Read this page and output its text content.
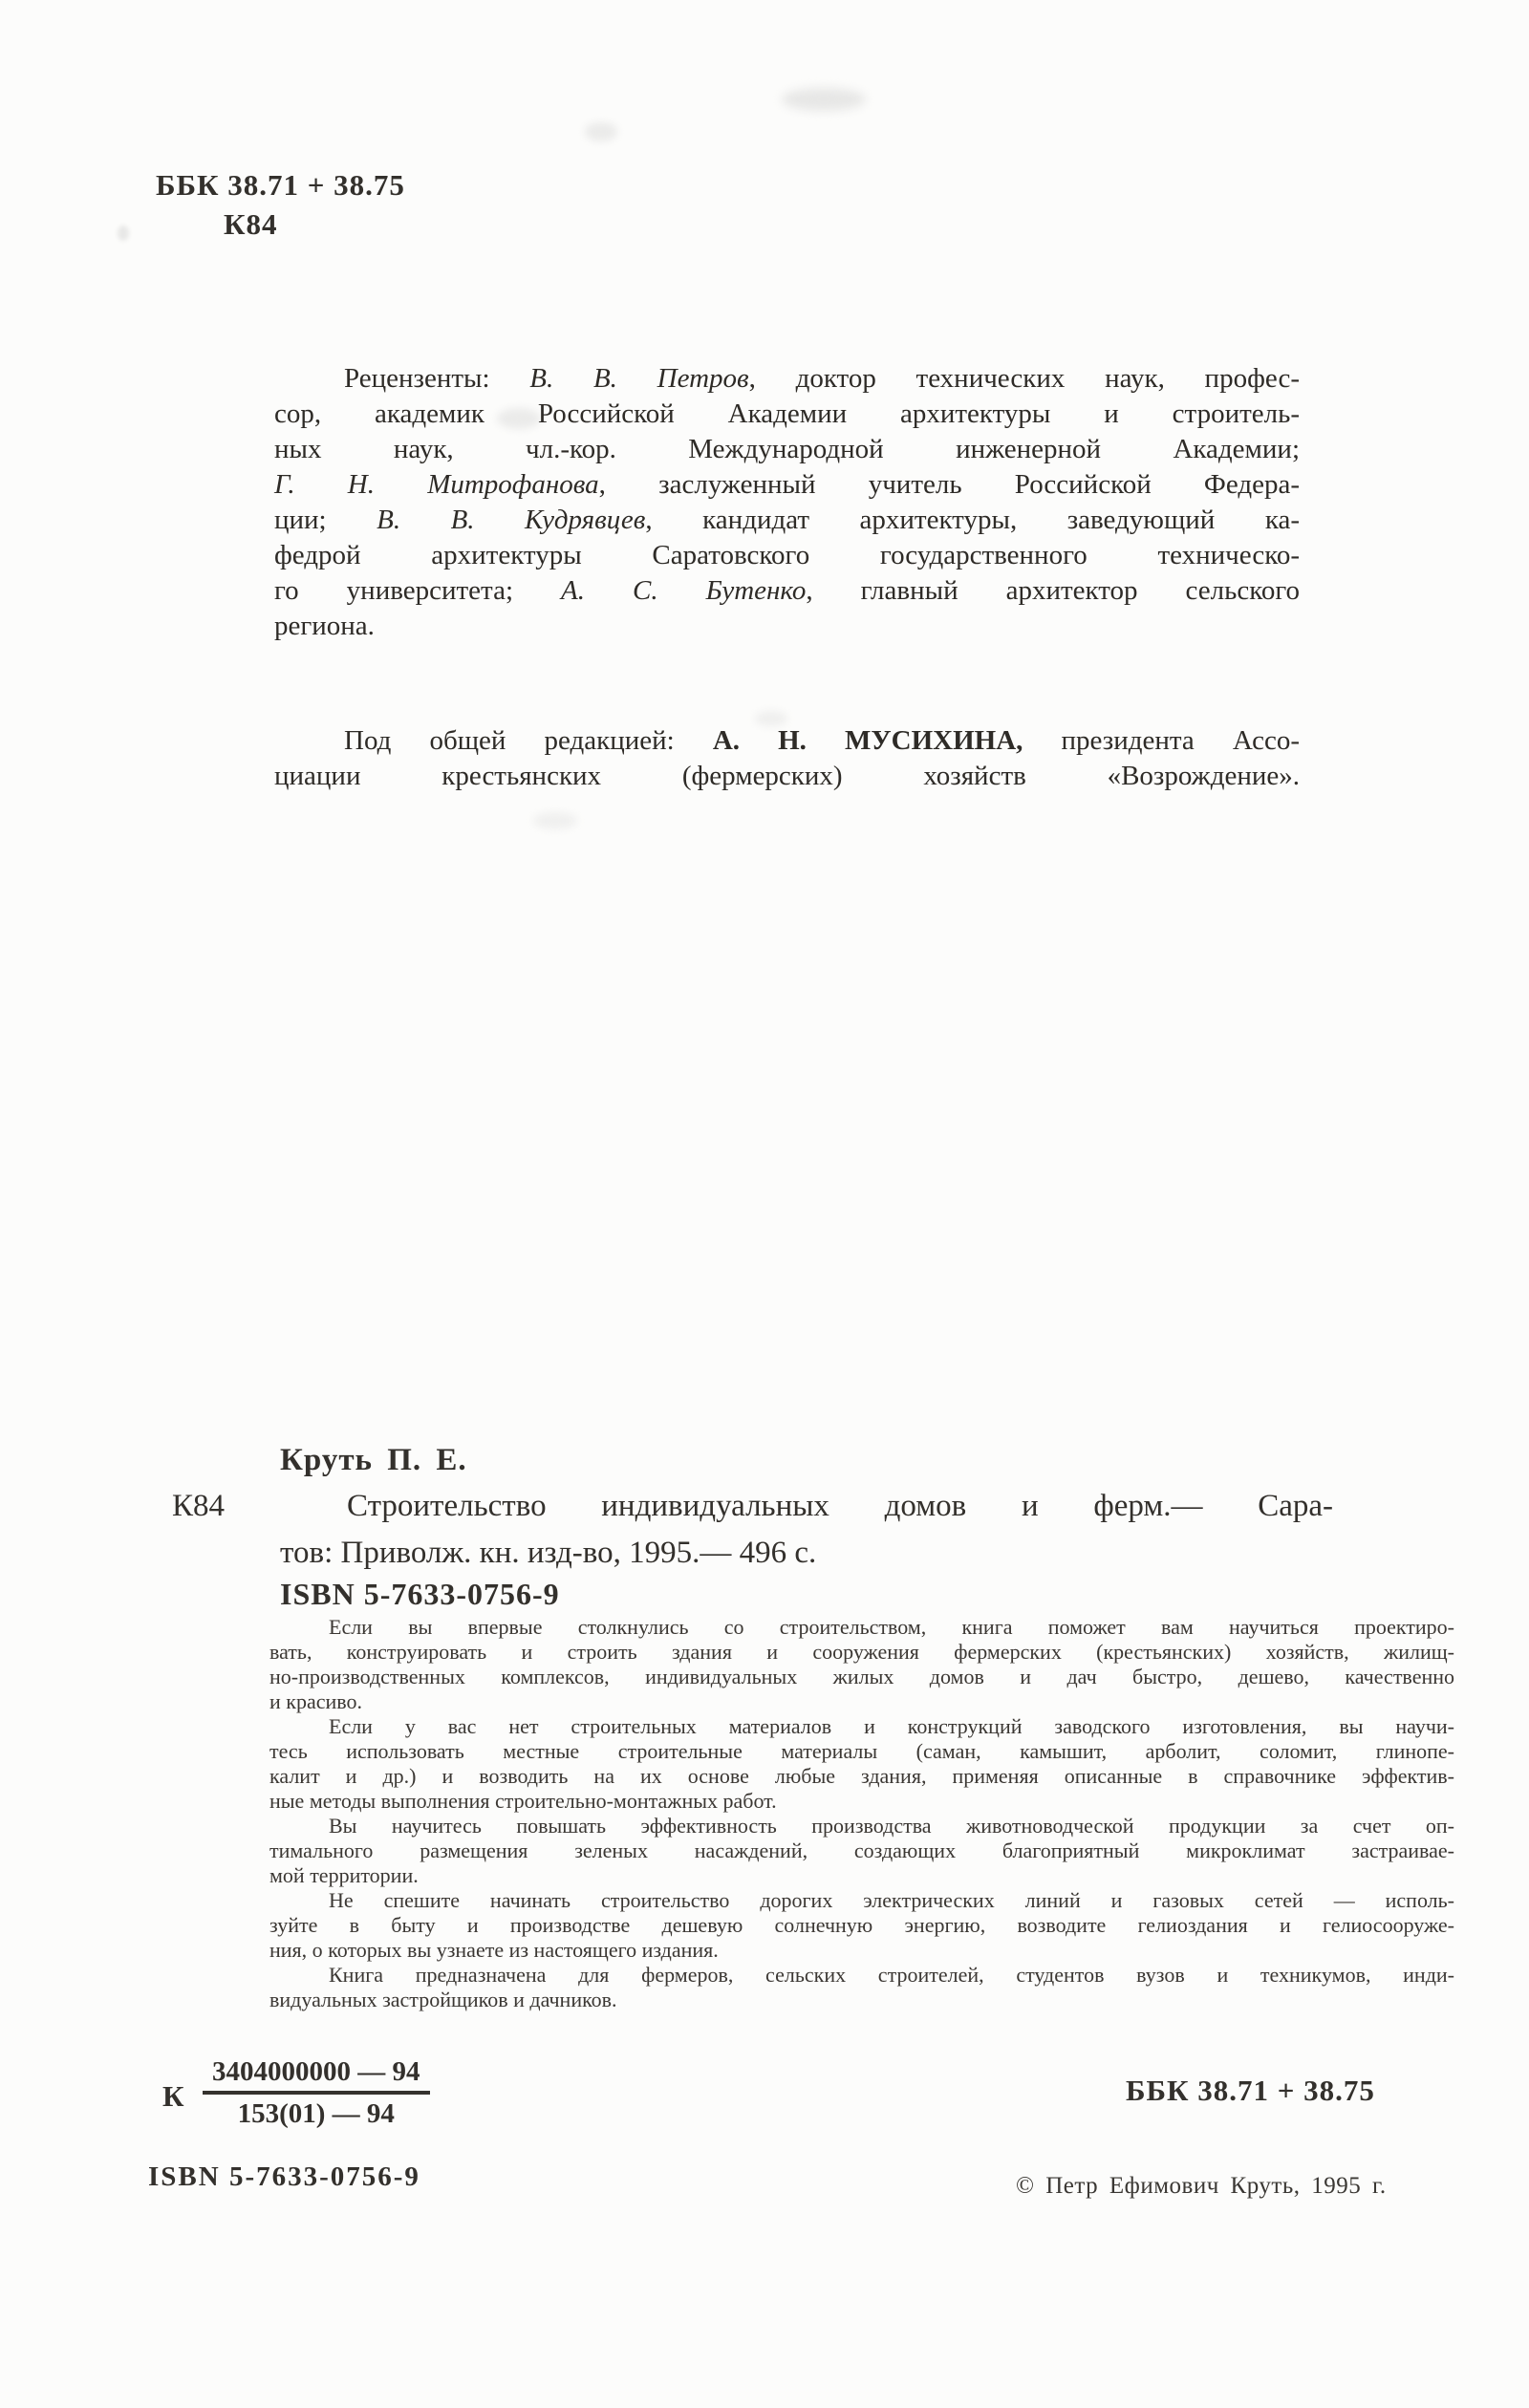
ББК 38.71 + 38.75
К84
Рецензенты: В. В. Петров, доктор технических наук, профес-
сор, академик Российской Академии архитектуры и строитель-
ных наук, чл.-кор. Международной инженерной Академии;
Г. Н. Митрофанова, заслуженный учитель Российской Федера-
ции; В. В. Кудрявцев, кандидат архитектуры, заведующий ка-
федрой архитектуры Саратовского государственного техническо-
го университета; А. С. Бутенко, главный архитектор сельского
региона.
Под общей редакцией: А. Н. МУСИХИНА, президента Ассо-
циации крестьянских (фермерских) хозяйств «Возрождение».
Круть П. Е.
К84	Строительство индивидуальных домов и ферм.— Сара-
тов: Приволж. кн. изд-во, 1995.— 496 с.
ISBN 5-7633-0756-9
Если вы впервые столкнулись со строительством, книга поможет вам научиться проектиро-
вать, конструировать и строить здания и сооружения фермерских (крестьянских) хозяйств, жилищ-
но-производственных комплексов, индивидуальных жилых домов и дач быстро, дешево, качественно
и красиво.
Если у вас нет строительных материалов и конструкций заводского изготовления, вы научи-
тесь использовать местные строительные материалы (саман, камышит, арболит, соломит, глинопе-
калит и др.) и возводить на их основе любые здания, применяя описанные в справочнике эффектив-
ные методы выполнения строительно-монтажных работ.
Вы научитесь повышать эффективность производства животноводческой продукции за счет оп-
тимального размещения зеленых насаждений, создающих благоприятный микроклимат застраивае-
мой территории.
Не спешите начинать строительство дорогих электрических линий и газовых сетей — исполь-
зуйте в быту и производстве дешевую солнечную энергию, возводите гелиоздания и гелиосооруже-
ния, о которых вы узнаете из настоящего издания.
Книга предназначена для фермеров, сельских строителей, студентов вузов и техникумов, инди-
видуальных застройщиков и дачников.
К $\frac{3404000000 — 94}{153(01) — 94}$	ББК 38.71 + 38.75
ISBN 5-7633-0756-9	© Петр Ефимович Круть, 1995 г.
